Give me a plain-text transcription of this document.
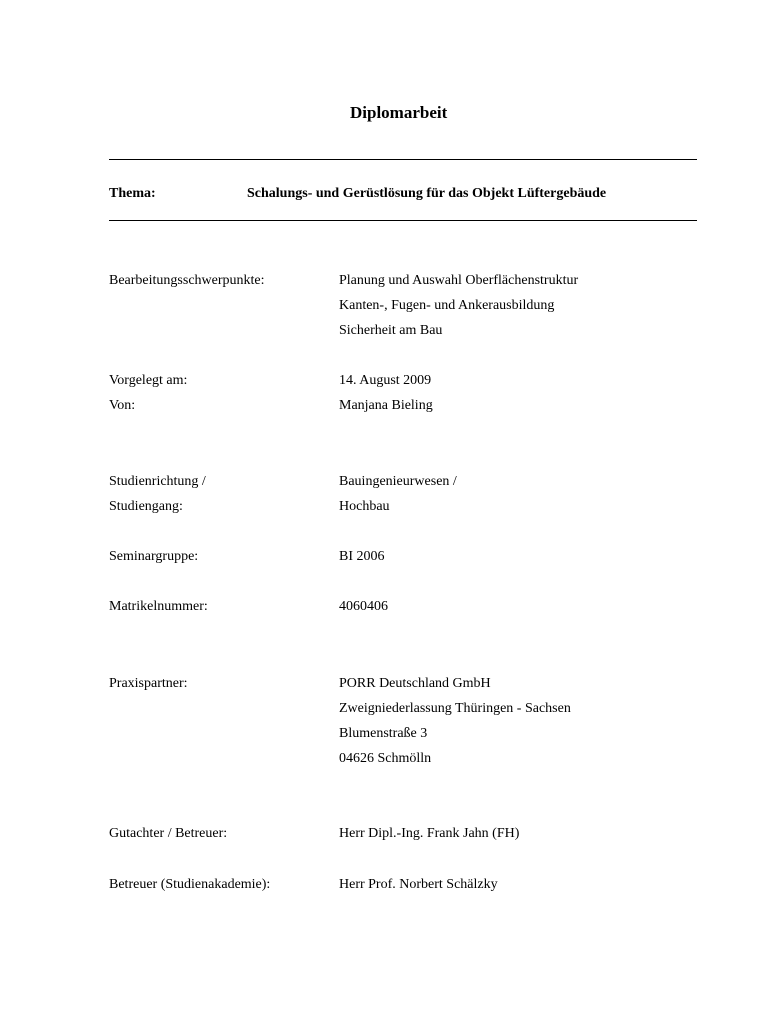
Diplomarbeit
Thema:	Schalungs- und Gerüstlösung für das Objekt Lüftergebäude
Bearbeitungsschwerpunkte:	Planung und Auswahl Oberflächenstruktur
Kanten-, Fugen- und Ankerausbildung
Sicherheit am Bau
Vorgelegt am:	14. August 2009
Von:	Manjana Bieling
Studienrichtung /	Bauingenieurwesen /
Studiengang:	Hochbau
Seminargruppe:	BI 2006
Matrikelnummer:	4060406
Praxispartner:	PORR Deutschland GmbH
Zweigniederlassung Thüringen - Sachsen
Blumenstraße 3
04626 Schmölln
Gutachter / Betreuer:	Herr Dipl.-Ing. Frank Jahn (FH)
Betreuer (Studienakademie):	Herr Prof. Norbert Schälzky
